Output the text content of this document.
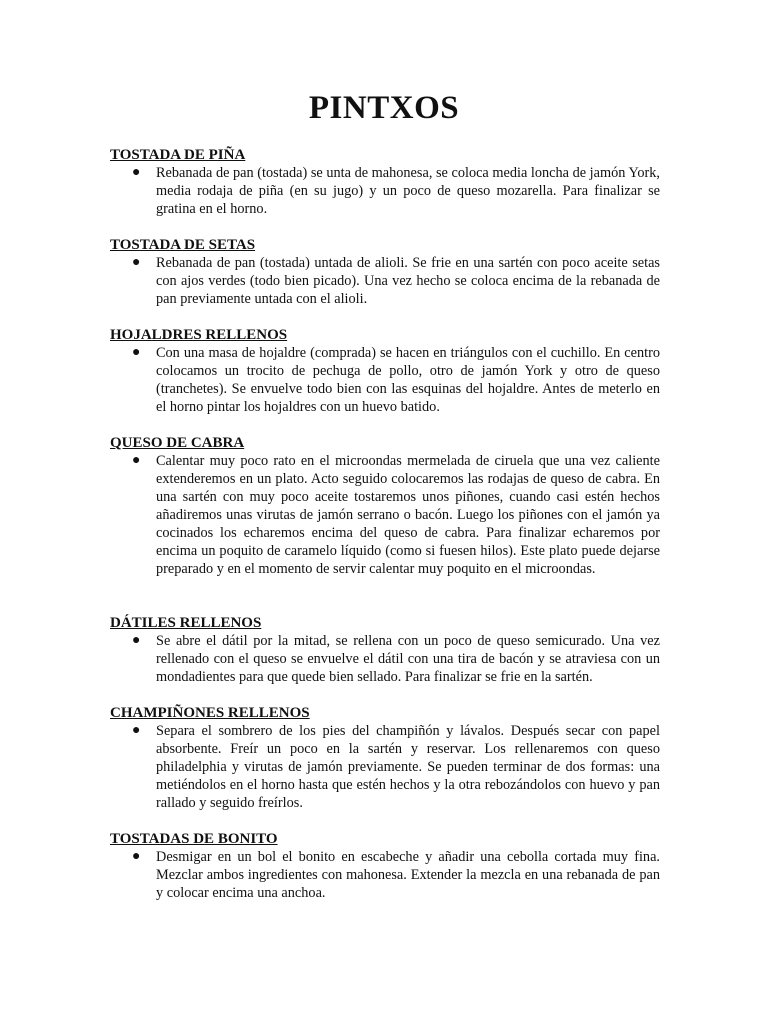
PINTXOS
TOSTADA DE PIÑA
● Rebanada de pan (tostada) se unta de mahonesa, se coloca media loncha de jamón York, media rodaja de piña (en su jugo) y un poco de queso mozarella. Para finalizar se gratina en el horno.
TOSTADA DE SETAS
● Rebanada de pan (tostada) untada de alioli. Se frie en una sartén con poco aceite setas con ajos verdes (todo bien picado). Una vez hecho se coloca encima de la rebanada de pan previamente untada con el alioli.
HOJALDRES RELLENOS
● Con una masa de hojaldre (comprada) se hacen en triángulos con el cuchillo. En centro colocamos un trocito de pechuga de pollo, otro de jamón York y otro de queso (tranchetes). Se envuelve todo bien con las esquinas del hojaldre. Antes de meterlo en el horno pintar los hojaldres con un huevo batido.
QUESO DE CABRA
● Calentar muy poco rato en el microondas mermelada de ciruela que una vez caliente extenderemos en un plato. Acto seguido colocaremos las rodajas de queso de cabra. En una sartén con muy poco aceite tostaremos unos piñones, cuando casi estén hechos añadiremos unas virutas de jamón serrano o bacón. Luego los piñones con el jamón ya cocinados los echaremos encima del queso de cabra. Para finalizar echaremos por encima un poquito de caramelo líquido (como si fuesen hilos). Este plato puede dejarse preparado y en el momento de servir calentar muy poquito en el microondas.
DÁTILES RELLENOS
● Se abre el dátil por la mitad, se rellena con un poco de queso semicurado. Una vez rellenado con el queso se envuelve el dátil con una tira de bacón y se atraviesa con un mondadientes para que quede bien sellado. Para finalizar se frie en la sartén.
CHAMPIÑONES RELLENOS
● Separa el sombrero de los pies del champiñón y lávalos. Después secar con papel absorbente. Freír un poco en la sartén y reservar. Los rellenaremos con queso philadelphia y virutas de jamón previamente. Se pueden terminar de dos formas: una metiéndolos en el horno hasta que estén hechos y la otra rebozándolos con huevo y pan rallado y seguido freírlos.
TOSTADAS DE BONITO
● Desmigar en un bol el bonito en escabeche y añadir una cebolla cortada muy fina. Mezclar ambos ingredientes con mahonesa. Extender la mezcla en una rebanada de pan y colocar encima una anchoa.
